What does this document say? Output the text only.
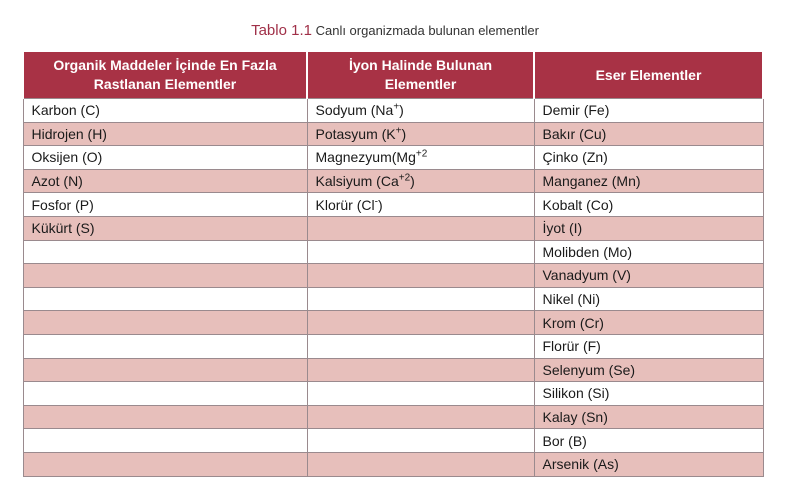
Tablo 1.1 Canlı organizmada bulunan elementler
Organik Maddeler İçinde En Fazla Rastlanan Elementler	İyon Halinde Bulunan Elementler	Eser Elementler
Karbon (C)	Sodyum (Na+)	Demir (Fe)
Hidrojen (H)	Potasyum (K+)	Bakır (Cu)
Oksijen (O)	$Magnezyum(Mg^{+2}$	Çinko (Zn)
Azot (N)	Kalsiyum $(Ca^{+2})$	Manganez (Mn)
Fosfor (P)	Klorür (Cl-)	Kobalt (Co)
Kükürt (S)		İyot (I)
		Molibden (Mo)
		Vanadyum (V)
		Nikel (Ni)
		Krom (Cr)
		Florür (F)
		Selenyum (Se)
		Silikon (Si)
		Kalay (Sn)
		Bor (B)
		Arsenik (As)
